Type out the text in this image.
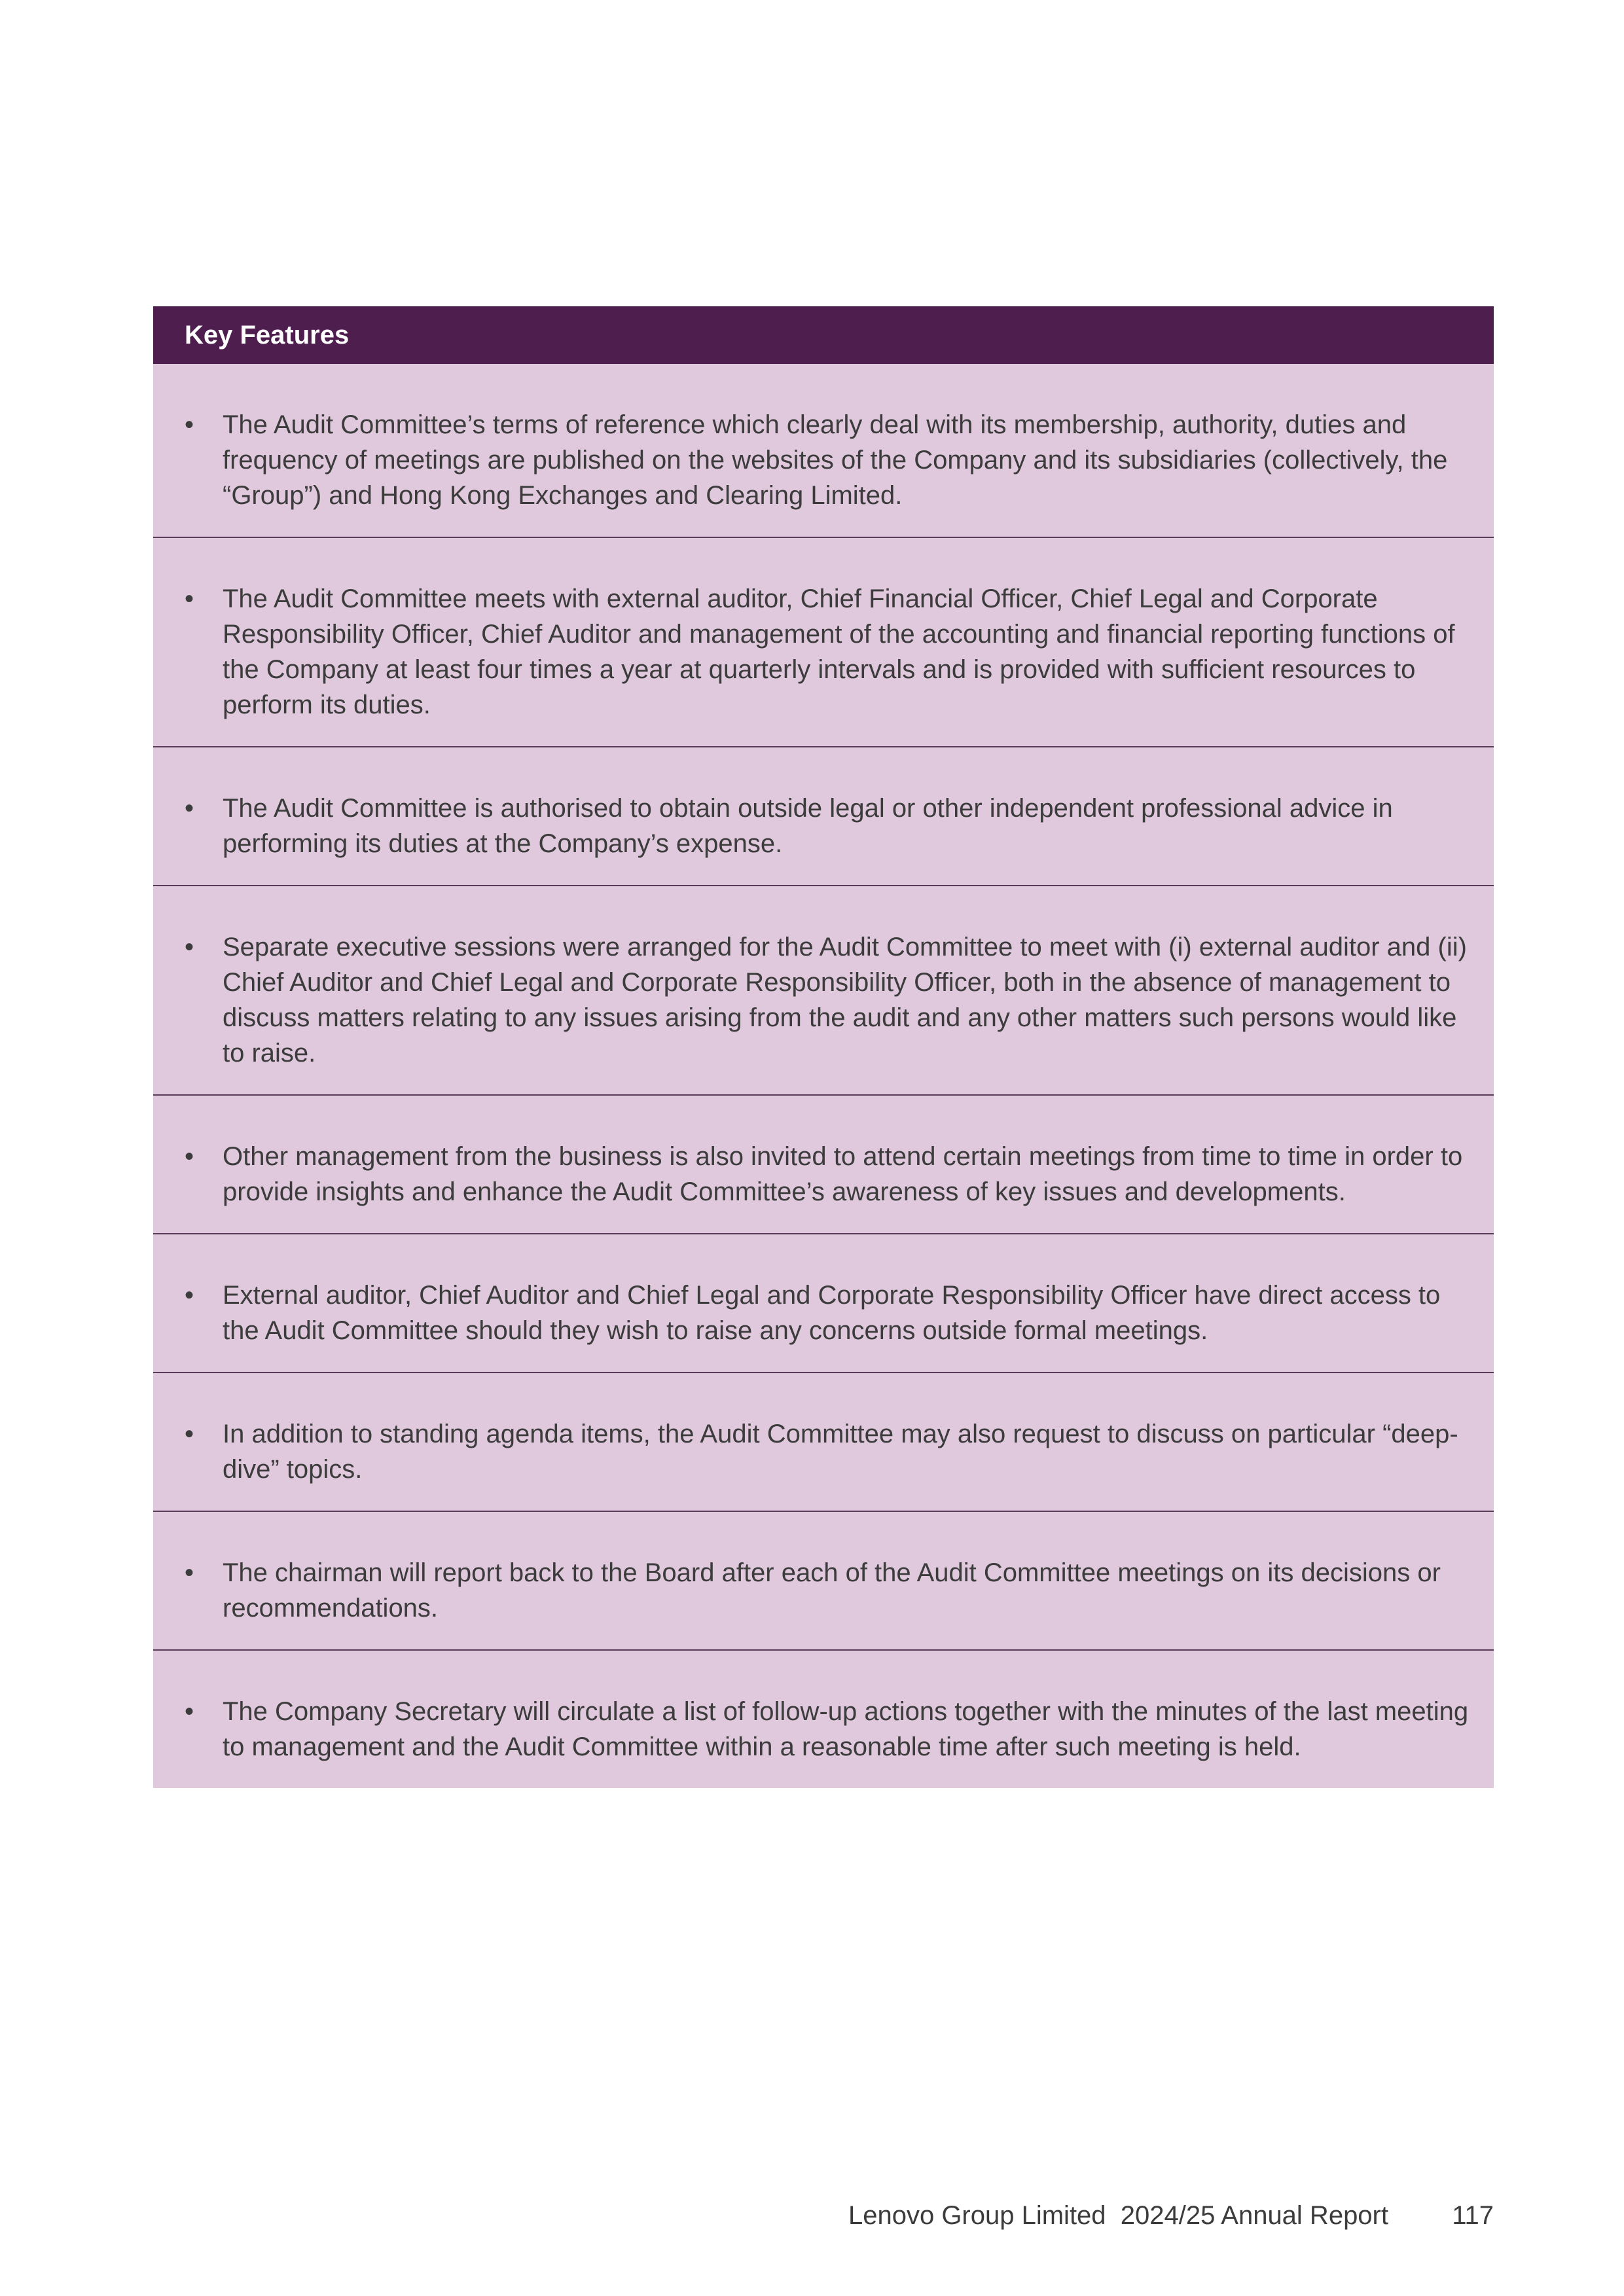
Key Features
•	The Audit Committee’s terms of reference which clearly deal with its membership, authority, duties and frequency of meetings are published on the websites of the Company and its subsidiaries (collectively, the “Group”) and Hong Kong Exchanges and Clearing Limited.
•	The Audit Committee meets with external auditor, Chief Financial Officer, Chief Legal and Corporate Responsibility Officer, Chief Auditor and management of the accounting and financial reporting functions of the Company at least four times a year at quarterly intervals and is provided with sufficient resources to perform its duties.
•	The Audit Committee is authorised to obtain outside legal or other independent professional advice in performing its duties at the Company’s expense.
•	Separate executive sessions were arranged for the Audit Committee to meet with (i) external auditor and (ii) Chief Auditor and Chief Legal and Corporate Responsibility Officer, both in the absence of management to discuss matters relating to any issues arising from the audit and any other matters such persons would like to raise.
•	Other management from the business is also invited to attend certain meetings from time to time in order to provide insights and enhance the Audit Committee’s awareness of key issues and developments.
•	External auditor, Chief Auditor and Chief Legal and Corporate Responsibility Officer have direct access to the Audit Committee should they wish to raise any concerns outside formal meetings.
•	In addition to standing agenda items, the Audit Committee may also request to discuss on particular “deep-dive” topics.
•	The chairman will report back to the Board after each of the Audit Committee meetings on its decisions or recommendations.
•	The Company Secretary will circulate a list of follow-up actions together with the minutes of the last meeting to management and the Audit Committee within a reasonable time after such meeting is held.
Lenovo Group Limited  2024/25 Annual Report 117
